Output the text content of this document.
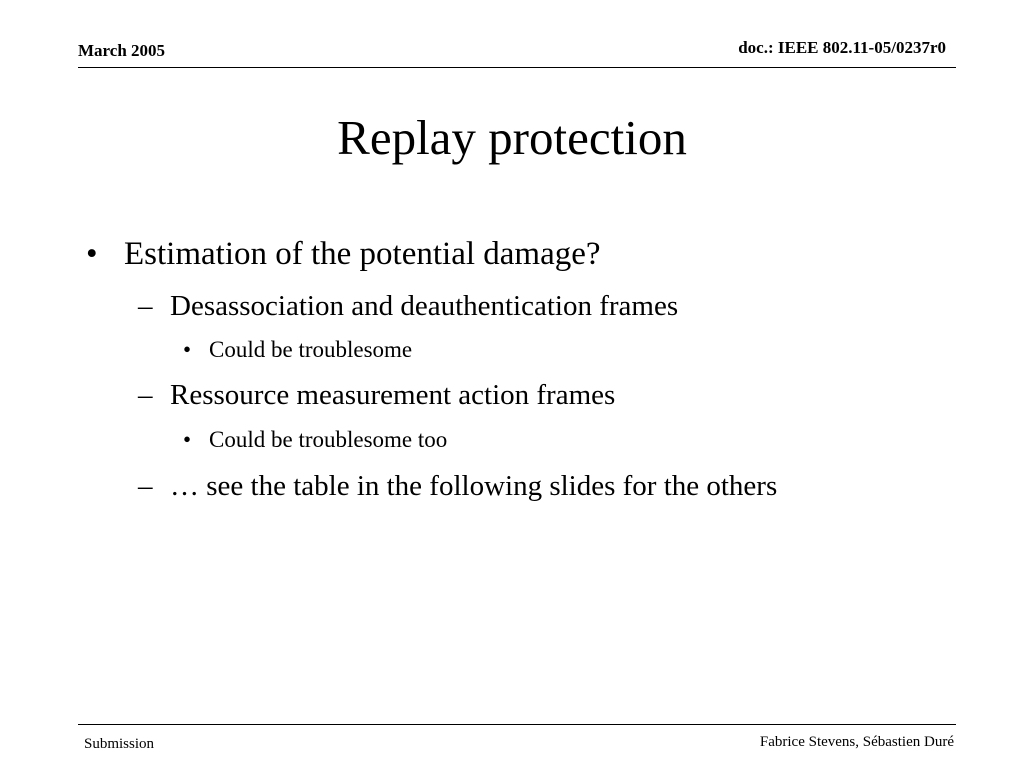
March 2005	doc.: IEEE 802.11-05/0237r0
Replay protection
• Estimation of the potential damage?
– Desassociation and deauthentication frames
• Could be troublesome
– Ressource measurement action frames
• Could be troublesome too
– … see the table in the following slides for the others
Submission	Fabrice Stevens, Sébastien Duré
